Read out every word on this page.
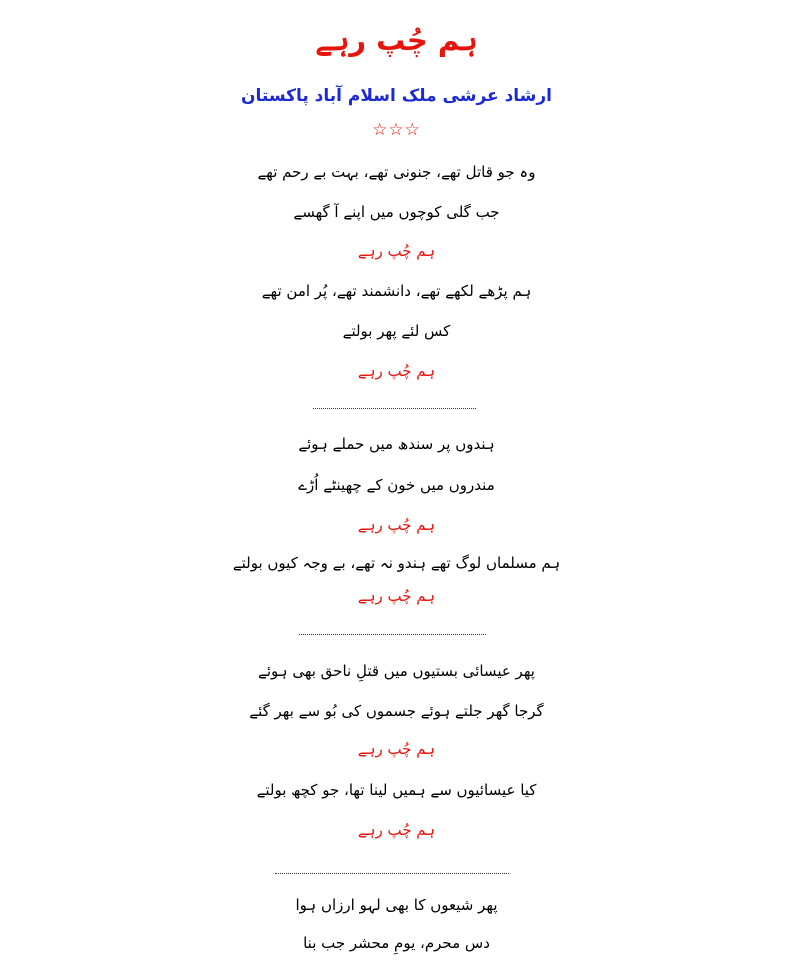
ہم چُپ رہے
ارشاد عرشی ملک اسلام آباد پاکستان
☆☆☆
وہ جو قاتل تھے، جنونی تھے، بہت بے رحم تھے
جب گلی کوچوں میں اپنے آ گھسے
ہم چُپ رہے
ہم پڑھے لکھے تھے، دانشمند تھے، پُر امن تھے
کس لئے پھر بولتے
ہم چُپ رہے
ہندوں پر سندھ میں حملے ہوئے
مندروں میں خون کے چھینٹے اُڑے
ہم چُپ رہے
ہم مسلماں لوگ تھے ہندو نہ تھے، بے وجہ کیوں بولتے
ہم چُپ رہے
پھر عیسائی بستیوں میں قتلِ ناحق بھی ہوئے
گرجا گھر جلتے ہوئے جسموں کی بُو سے بھر گئے
ہم چُپ رہے
کیا عیسائیوں سے ہمیں لینا تھا، جو کچھ بولتے
ہم چُپ رہے
پھر شیعوں کا بھی لہو ارزاں ہوا
دس محرم، یومِ محشر جب بنا
